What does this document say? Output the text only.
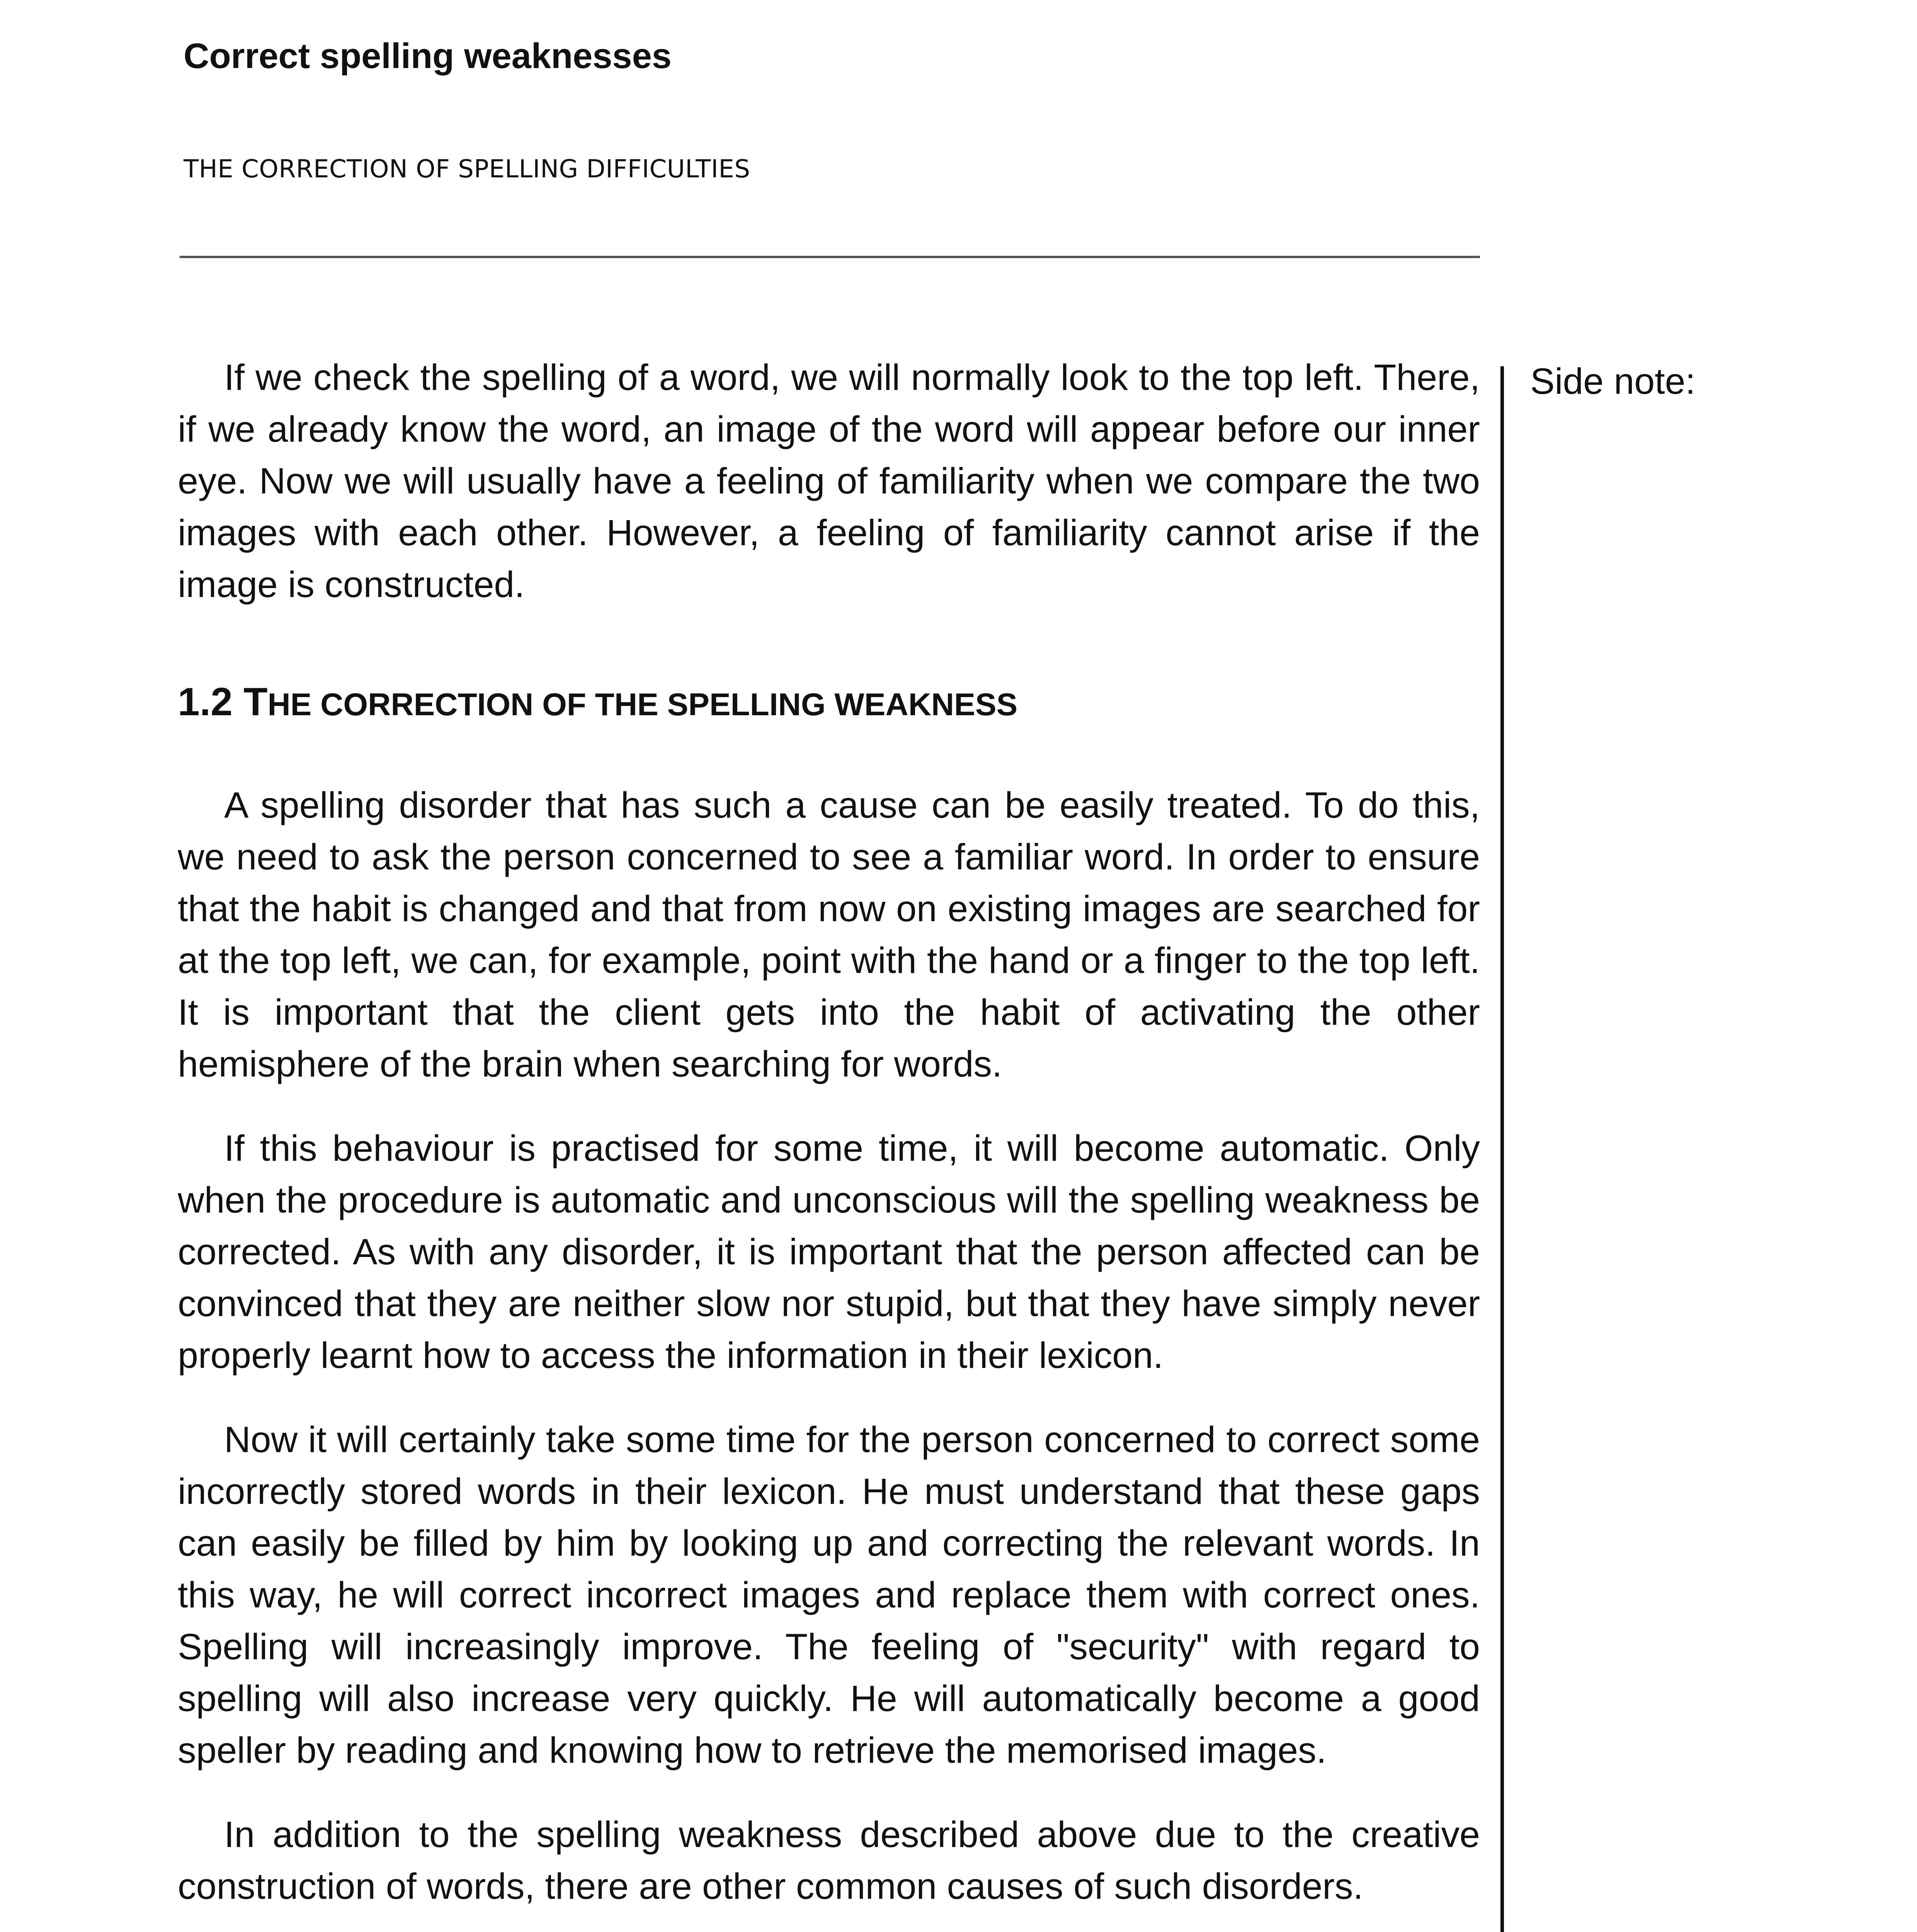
Correct spelling weaknesses
THE CORRECTION OF SPELLING DIFFICULTIES

If we check the spelling of a word, we will normally look to the top left. There, if we already know the word, an image of the word will appear before our inner eye. Now we will usually have a feeling of familiarity when we compare the two images with each other. However, a feeling of familiarity cannot arise if the image is constructed.

1.2 THE CORRECTION OF THE SPELLING WEAKNESS

A spelling disorder that has such a cause can be easily treated. To do this, we need to ask the person concerned to see a familiar word. In order to ensure that the habit is changed and that from now on existing images are searched for at the top left, we can, for example, point with the hand or a finger to the top left. It is important that the client gets into the habit of activating the other hemisphere of the brain when searching for words.

If this behaviour is practised for some time, it will become automatic. Only when the procedure is automatic and unconscious will the spelling weakness be corrected. As with any disorder, it is important that the person affected can be convinced that they are neither slow nor stupid, but that they have simply never properly learnt how to access the information in their lexicon.

Now it will certainly take some time for the person concerned to correct some incorrectly stored words in their lexicon. He must understand that these gaps can easily be filled by him by looking up and correcting the relevant words. In this way, he will correct incorrect images and replace them with correct ones. Spelling will increasingly improve. The feeling of "security" with regard to spelling will also increase very quickly. He will automatically become a good speller by reading and knowing how to retrieve the memorised images.

In addition to the spelling weakness described above due to the creative construction of words, there are other common causes of such disorders.

Side note:
